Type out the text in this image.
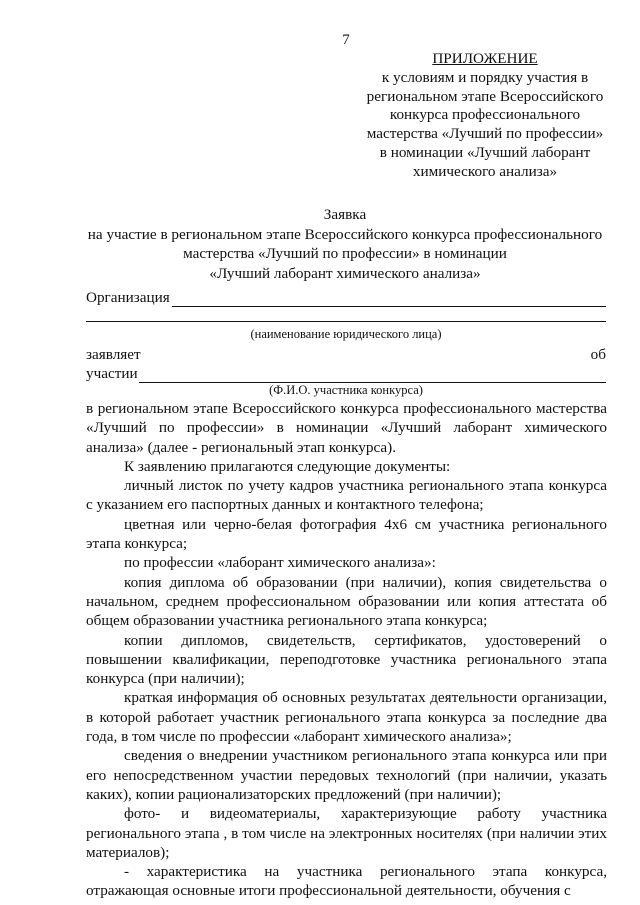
7
ПРИЛОЖЕНИЕ
к условиям и порядку участия в
региональном этапе Всероссийского
конкурса профессионального
мастерства «Лучший по профессии»
в номинации «Лучший лаборант
химического анализа»
Заявка
на участие в региональном этапе Всероссийского конкурса профессионального
мастерства «Лучший по профессии» в номинации
«Лучший лаборант химического анализа»
Организация
(наименование юридического лица)
заявляет	об
участии
(Ф.И.О. участника конкурса)

в региональном этапе Всероссийского конкурса профессионального мастерства «Лучший по профессии» в номинации «Лучший лаборант химического анализа» (далее - региональный этап конкурса).

К заявлению прилагаются следующие документы:

личный листок по учету кадров участника регионального этапа конкурса с указанием его паспортных данных и контактного телефона;

цветная или черно-белая фотография 4x6 см участника регионального этапа конкурса;

по профессии «лаборант химического анализа»:

копия диплома об образовании (при наличии), копия свидетельства о начальном, среднем профессиональном образовании или копия аттестата об общем образовании участника регионального этапа конкурса;

копии дипломов, свидетельств, сертификатов, удостоверений о повышении квалификации, переподготовке участника регионального этапа конкурса (при наличии);

краткая информация об основных результатах деятельности организации, в которой работает участник регионального этапа конкурса за последние два года, в том числе по профессии «лаборант химического анализа»;

сведения о внедрении участником регионального этапа конкурса или при его непосредственном участии передовых технологий (при наличии, указать каких), копии рационализаторских предложений (при наличии);

фото- и видеоматериалы, характеризующие работу участника регионального этапа , в том числе на электронных носителях (при наличии этих материалов);

- характеристика на участника регионального этапа конкурса, отражающая основные итоги профессиональной деятельности, обучения с
